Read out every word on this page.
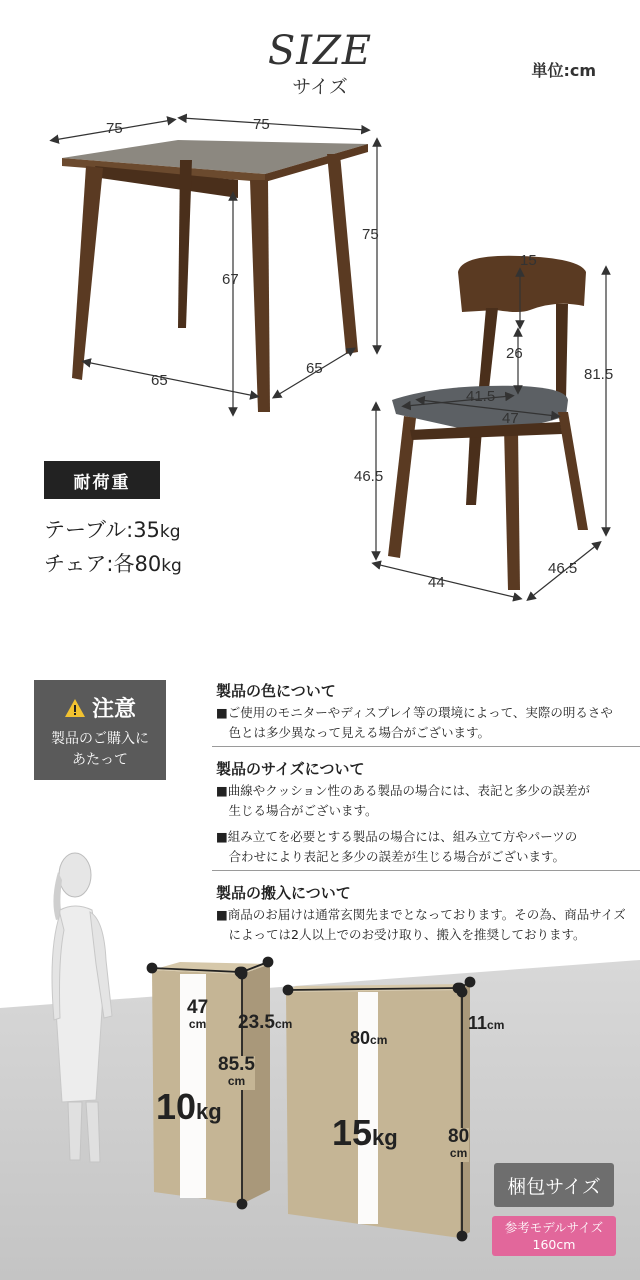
SIZE
サイズ
単位:cm
75	75
75
67
65
65
15
26
41.5
47
81.5
46.5
44
46.5
耐荷重
テーブル:35kg
チェア:各80kg
注意
製品のご購入に
あたって
製品の色について
■ご使用のモニターやディスプレイ等の環境によって、実際の明るさや
　色とは多少異なって見える場合がございます。
製品のサイズについて
■曲線やクッション性のある製品の場合には、表記と多少の誤差が
　生じる場合がございます。
■組み立てを必要とする製品の場合には、組み立て方やパーツの
　合わせにより表記と多少の誤差が生じる場合がございます。
製品の搬入について
■商品のお届けは通常玄関先までとなっております。その為、商品サイズ
　によっては2人以上でのお受け取り、搬入を推奨しております。
47
cm 23.5cm
85.5
cm
10kg
80cm
11cm
80
cm
15kg
梱包サイズ
参考モデルサイズ
160cm
